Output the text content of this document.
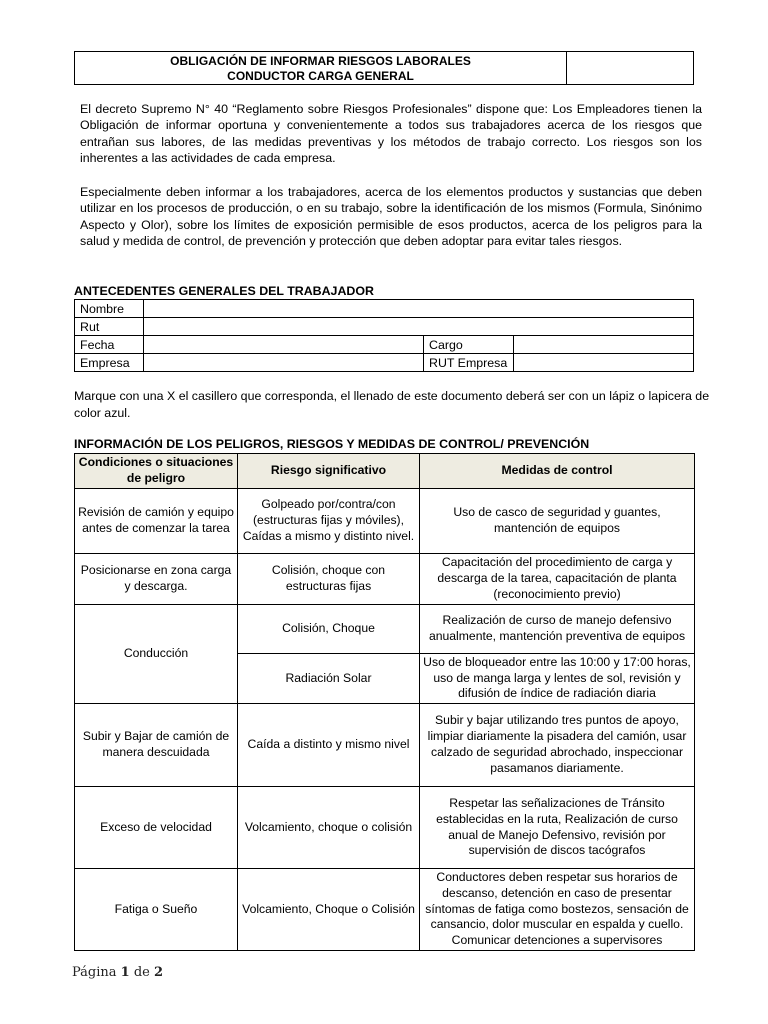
OBLIGACIÓN DE INFORMAR RIESGOS LABORALES
CONDUCTOR CARGA GENERAL
El decreto Supremo N° 40 “Reglamento sobre Riesgos Profesionales” dispone que: Los Empleadores tienen la Obligación de informar oportuna y convenientemente a todos sus trabajadores acerca de los riesgos que entrañan sus labores, de las medidas preventivas y los métodos de trabajo correcto. Los riesgos son los inherentes a las actividades de cada empresa.
Especialmente deben informar a los trabajadores, acerca de los elementos productos y sustancias que deben utilizar en los procesos de producción, o en su trabajo, sobre la identificación de los mismos (Formula, Sinónimo Aspecto y Olor), sobre los límites de exposición permisible de esos productos, acerca de los peligros para la salud y medida de control, de prevención y protección que deben adoptar para evitar tales riesgos.
ANTECEDENTES GENERALES DEL TRABAJADOR
Nombre			
Rut			
Fecha		Cargo	
Empresa		RUT Empresa	
Marque con una X el casillero que corresponda, el llenado de este documento deberá ser con un lápiz o lapicera de color azul.
INFORMACIÓN DE LOS PELIGROS, RIESGOS Y MEDIDAS DE CONTROL/ PREVENCIÓN
Condiciones o situaciones de peligro	Riesgo significativo	Medidas de control
Revisión de camión y equipo antes de comenzar la tarea	Golpeado por/contra/con (estructuras fijas y móviles), Caídas a mismo y distinto nivel.	Uso de casco de seguridad y guantes, mantención de equipos
Posicionarse en zona carga y descarga.	Colisión, choque con estructuras fijas	Capacitación del procedimiento de carga y descarga de la tarea, capacitación de planta (reconocimiento previo)
Conducción	Colisión, Choque	Realización de curso de manejo defensivo anualmente, mantención preventiva de equipos
	Radiación Solar	Uso de bloqueador entre las 10:00 y 17:00 horas, uso de manga larga y lentes de sol, revisión y difusión de índice de radiación diaria
Subir y Bajar de camión de manera descuidada	Caída a distinto y mismo nivel	Subir y bajar utilizando tres puntos de apoyo, limpiar diariamente la pisadera del camión, usar calzado de seguridad abrochado, inspeccionar pasamanos diariamente.
Exceso de velocidad	Volcamiento, choque o colisión	Respetar las señalizaciones de Tránsito establecidas en la ruta, Realización de curso anual de Manejo Defensivo, revisión por supervisión de discos tacógrafos
Fatiga o Sueño	Volcamiento, Choque o Colisión	Conductores deben respetar sus horarios de descanso, detención en caso de presentar síntomas de fatiga como bostezos, sensación de cansancio, dolor muscular en espalda y cuello. Comunicar detenciones a supervisores
Página 1 de 2
